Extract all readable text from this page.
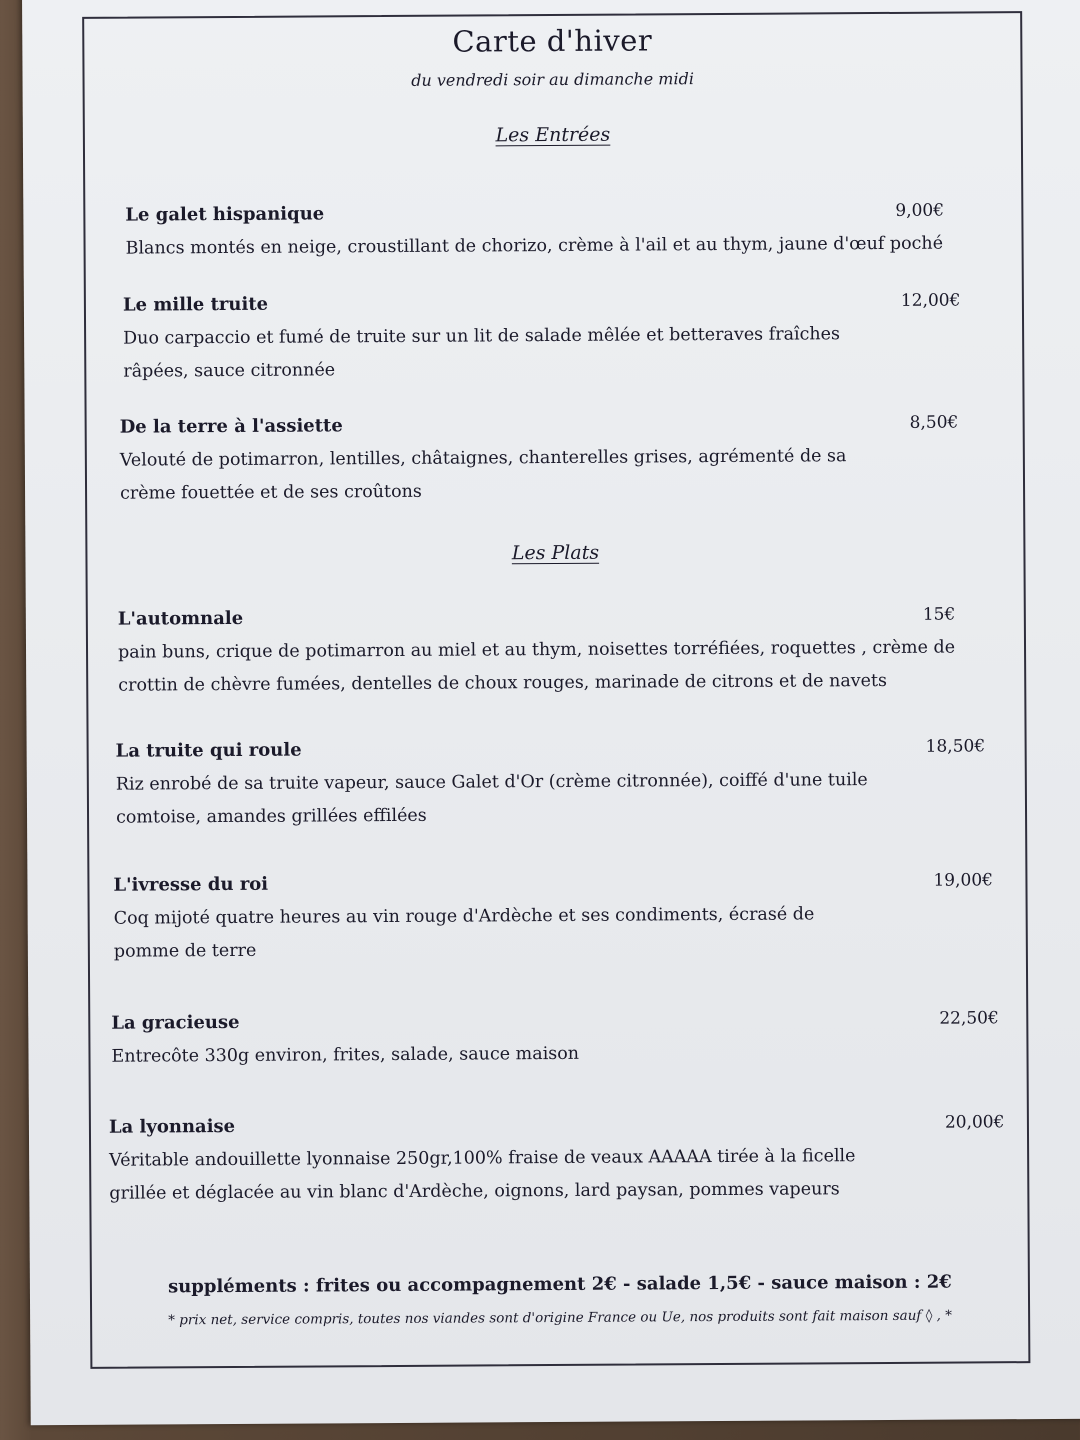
Carte d'hiver
du vendredi soir au dimanche midi
Les Entrées
Le galet hispanique	9,00€
Blancs montés en neige, croustillant de chorizo, crème à l'ail et au thym, jaune d'œuf poché
Le mille truite	12,00€
Duo carpaccio et fumé de truite sur un lit de salade mêlée et betteraves fraîches râpées, sauce citronnée
De la terre à l'assiette	8,50€
Velouté de potimarron, lentilles, châtaignes, chanterelles grises, agrémenté de sa crème fouettée et de ses croûtons
Les Plats
L'automnale	15€
pain buns, crique de potimarron au miel et au thym, noisettes torréfiées, roquettes , crème de crottin de chèvre fumées, dentelles de choux rouges, marinade de citrons et de navets
La truite qui roule	18,50€
Riz enrobé de sa truite vapeur, sauce Galet d'Or (crème citronnée), coiffé d'une tuile comtoise, amandes grillées effilées
L'ivresse du roi	19,00€
Coq mijoté quatre heures au vin rouge d'Ardèche et ses condiments, écrasé de pomme de terre
La gracieuse	22,50€
Entrecôte 330g environ, frites, salade, sauce maison
La lyonnaise	20,00€
Véritable andouillette lyonnaise 250gr,100% fraise de veaux AAAAA tirée à la ficelle grillée et déglacée au vin blanc d'Ardèche, oignons, lard paysan, pommes vapeurs
suppléments : frites ou accompagnement 2€ - salade 1,5€ - sauce maison : 2€
* prix net, service compris, toutes nos viandes sont d'origine France ou Ue, nos produits sont fait maison sauf ◊ , *
